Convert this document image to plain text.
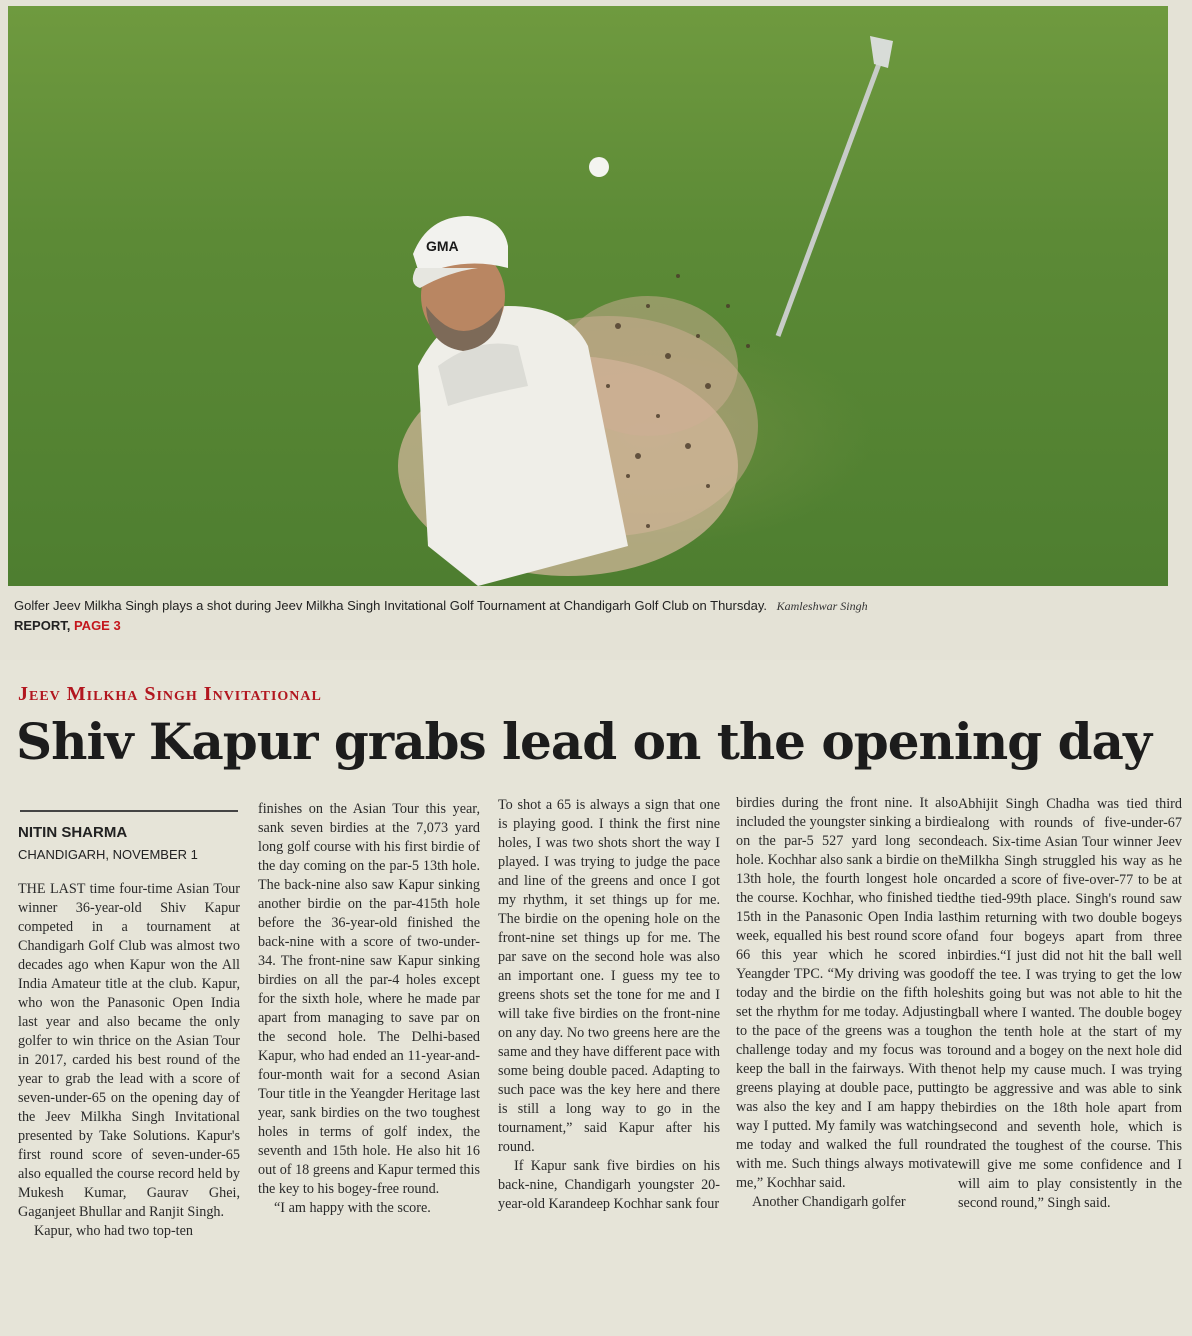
GMA
Golfer Jeev Milkha Singh plays a shot during Jeev Milkha Singh Invitational Golf Tournament at Chandigarh Golf Club on Thursday. Kamleshwar Singh
REPORT, PAGE 3
Jeev Milkha Singh Invitational
Shiv Kapur grabs lead on the opening day
NITIN SHARMA
CHANDIGARH, NOVEMBER 1

THE LAST time four-time Asian Tour winner 36-year-old Shiv Kapur competed in a tournament at Chandigarh Golf Club was almost two decades ago when Kapur won the All India Amateur title at the club. Kapur, who won the Panasonic Open India last year and also became the only golfer to win thrice on the Asian Tour in 2017, carded his best round of the year to grab the lead with a score of seven-under-65 on the opening day of the Jeev Milkha Singh Invitational presented by Take Solutions. Kapur's first round score of seven-under-65 also equalled the course record held by Mukesh Kumar, Gaurav Ghei, Gaganjeet Bhullar and Ranjit Singh.

Kapur, who had two top-ten

finishes on the Asian Tour this year, sank seven birdies at the 7,073 yard long golf course with his first birdie of the day coming on the par-5 13th hole. The back-nine also saw Kapur sinking another birdie on the par-415th hole before the 36-year-old finished the back-nine with a score of two-under-34. The front-nine saw Kapur sinking birdies on all the par-4 holes except for the sixth hole, where he made par apart from managing to save par on the second hole. The Delhi-based Kapur, who had ended an 11-year-and-four-month wait for a second Asian Tour title in the Yeangder Heritage last year, sank birdies on the two toughest holes in terms of golf index, the seventh and 15th hole. He also hit 16 out of 18 greens and Kapur termed this the key to his bogey-free round.

“I am happy with the score.

To shot a 65 is always a sign that one is playing good. I think the first nine holes, I was two shots short the way I played. I was trying to judge the pace and line of the greens and once I got my rhythm, it set things up for me. The birdie on the opening hole on the front-nine set things up for me. The par save on the second hole was also an important one. I guess my tee to greens shots set the tone for me and I will take five birdies on the front-nine on any day. No two greens here are the same and they have different pace with some being double paced. Adapting to such pace was the key here and there is still a long way to go in the tournament,” said Kapur after his round.

If Kapur sank five birdies on his back-nine, Chandigarh youngster 20-year-old Karandeep Kochhar sank four

birdies during the front nine. It also included the youngster sinking a birdie on the par-5 527 yard long second hole. Kochhar also sank a birdie on the 13th hole, the fourth longest hole on the course. Kochhar, who finished tied 15th in the Panasonic Open India last week, equalled his best round score of 66 this year which he scored in Yeangder TPC. “My driving was good today and the birdie on the fifth hole set the rhythm for me today. Adjusting to the pace of the greens was a tough challenge today and my focus was to keep the ball in the fairways. With the greens playing at double pace, putting was also the key and I am happy the way I putted. My family was watching me today and walked the full round with me. Such things always motivate me,” Kochhar said.

Another Chandigarh golfer

Abhijit Singh Chadha was tied third along with rounds of five-under-67 each. Six-time Asian Tour winner Jeev Milkha Singh struggled his way as he carded a score of five-over-77 to be at the tied-99th place. Singh's round saw him returning with two double bogeys and four bogeys apart from three birdies.“I just did not hit the ball well off the tee. I was trying to get the low shits going but was not able to hit the ball where I wanted. The double bogey on the tenth hole at the start of my round and a bogey on the next hole did not help my cause much. I was trying to be aggressive and was able to sink birdies on the 18th hole apart from second and seventh hole, which is rated the toughest of the course. This will give me some confidence and I will aim to play consistently in the second round,” Singh said.
